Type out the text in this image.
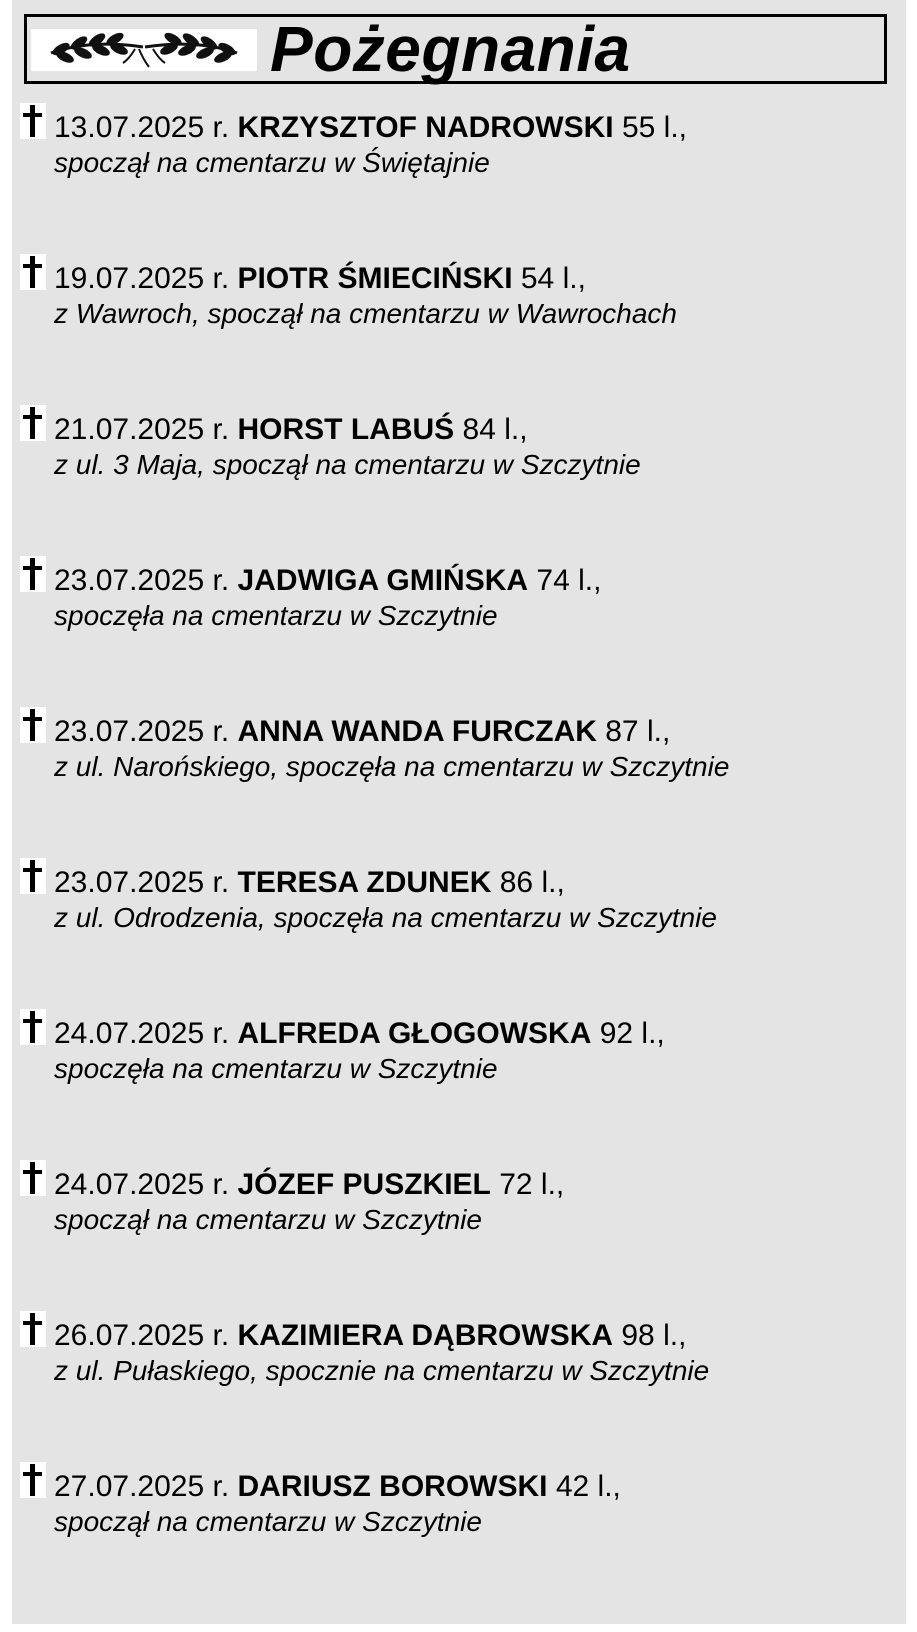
Pożegnania
13.07.2025 r. KRZYSZTOF NADROWSKI 55 l.,
spoczął na cmentarzu w Świętajnie
19.07.2025 r. PIOTR ŚMIECIŃSKI 54 l.,
z Wawroch, spoczął na cmentarzu w Wawrochach
21.07.2025 r. HORST LABUŚ 84 l.,
z ul. 3 Maja, spoczął na cmentarzu w Szczytnie
23.07.2025 r. JADWIGA GMIŃSKA 74 l.,
spoczęła na cmentarzu w Szczytnie
23.07.2025 r. ANNA WANDA FURCZAK 87 l.,
z ul. Narońskiego, spoczęła na cmentarzu w Szczytnie
23.07.2025 r. TERESA ZDUNEK 86 l.,
z ul. Odrodzenia, spoczęła na cmentarzu w Szczytnie
24.07.2025 r. ALFREDA GŁOGOWSKA 92 l.,
spoczęła na cmentarzu w Szczytnie
24.07.2025 r. JÓZEF PUSZKIEL 72 l.,
spoczął na cmentarzu w Szczytnie
26.07.2025 r. KAZIMIERA DĄBROWSKA 98 l.,
z ul. Pułaskiego, spocznie na cmentarzu w Szczytnie
27.07.2025 r. DARIUSZ BOROWSKI 42 l.,
spoczął na cmentarzu w Szczytnie
